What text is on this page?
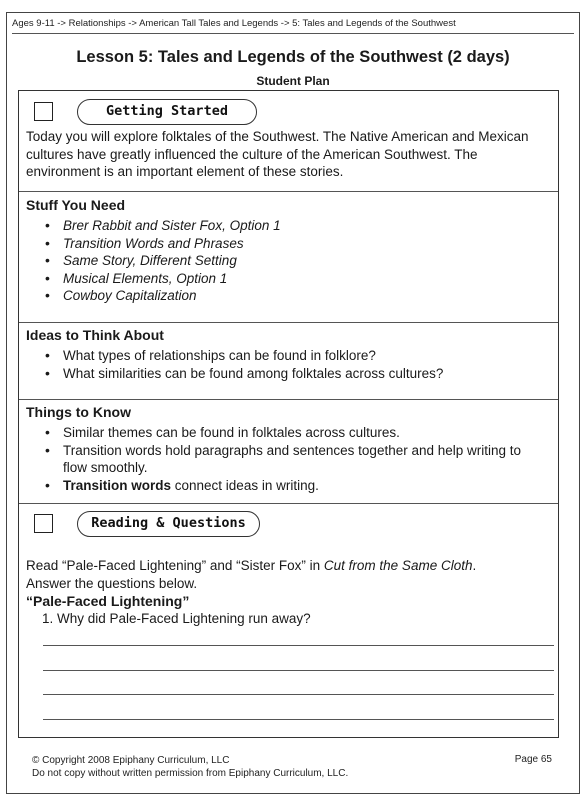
Ages 9-11 -> Relationships -> American Tall Tales and Legends -> 5: Tales and Legends of the Southwest
Lesson 5: Tales and Legends of the Southwest (2 days)
Student Plan
Getting Started
Today you will explore folktales of the Southwest. The Native American and Mexican cultures have greatly influenced the culture of the American Southwest. The environment is an important element of these stories.
Stuff You Need
• Brer Rabbit and Sister Fox, Option 1
• Transition Words and Phrases
• Same Story, Different Setting
• Musical Elements, Option 1
• Cowboy Capitalization
Ideas to Think About
• What types of relationships can be found in folklore?
• What similarities can be found among folktales across cultures?
Things to Know
• Similar themes can be found in folktales across cultures.
• Transition words hold paragraphs and sentences together and help writing to flow smoothly.
• Transition words connect ideas in writing.
Reading & Questions
Read “Pale-Faced Lightening” and “Sister Fox” in Cut from the Same Cloth.
Answer the questions below.
“Pale-Faced Lightening”
1. Why did Pale-Faced Lightening run away?
© Copyright 2008 Epiphany Curriculum, LLC
Do not copy without written permission from Epiphany Curriculum, LLC.
Page 65
